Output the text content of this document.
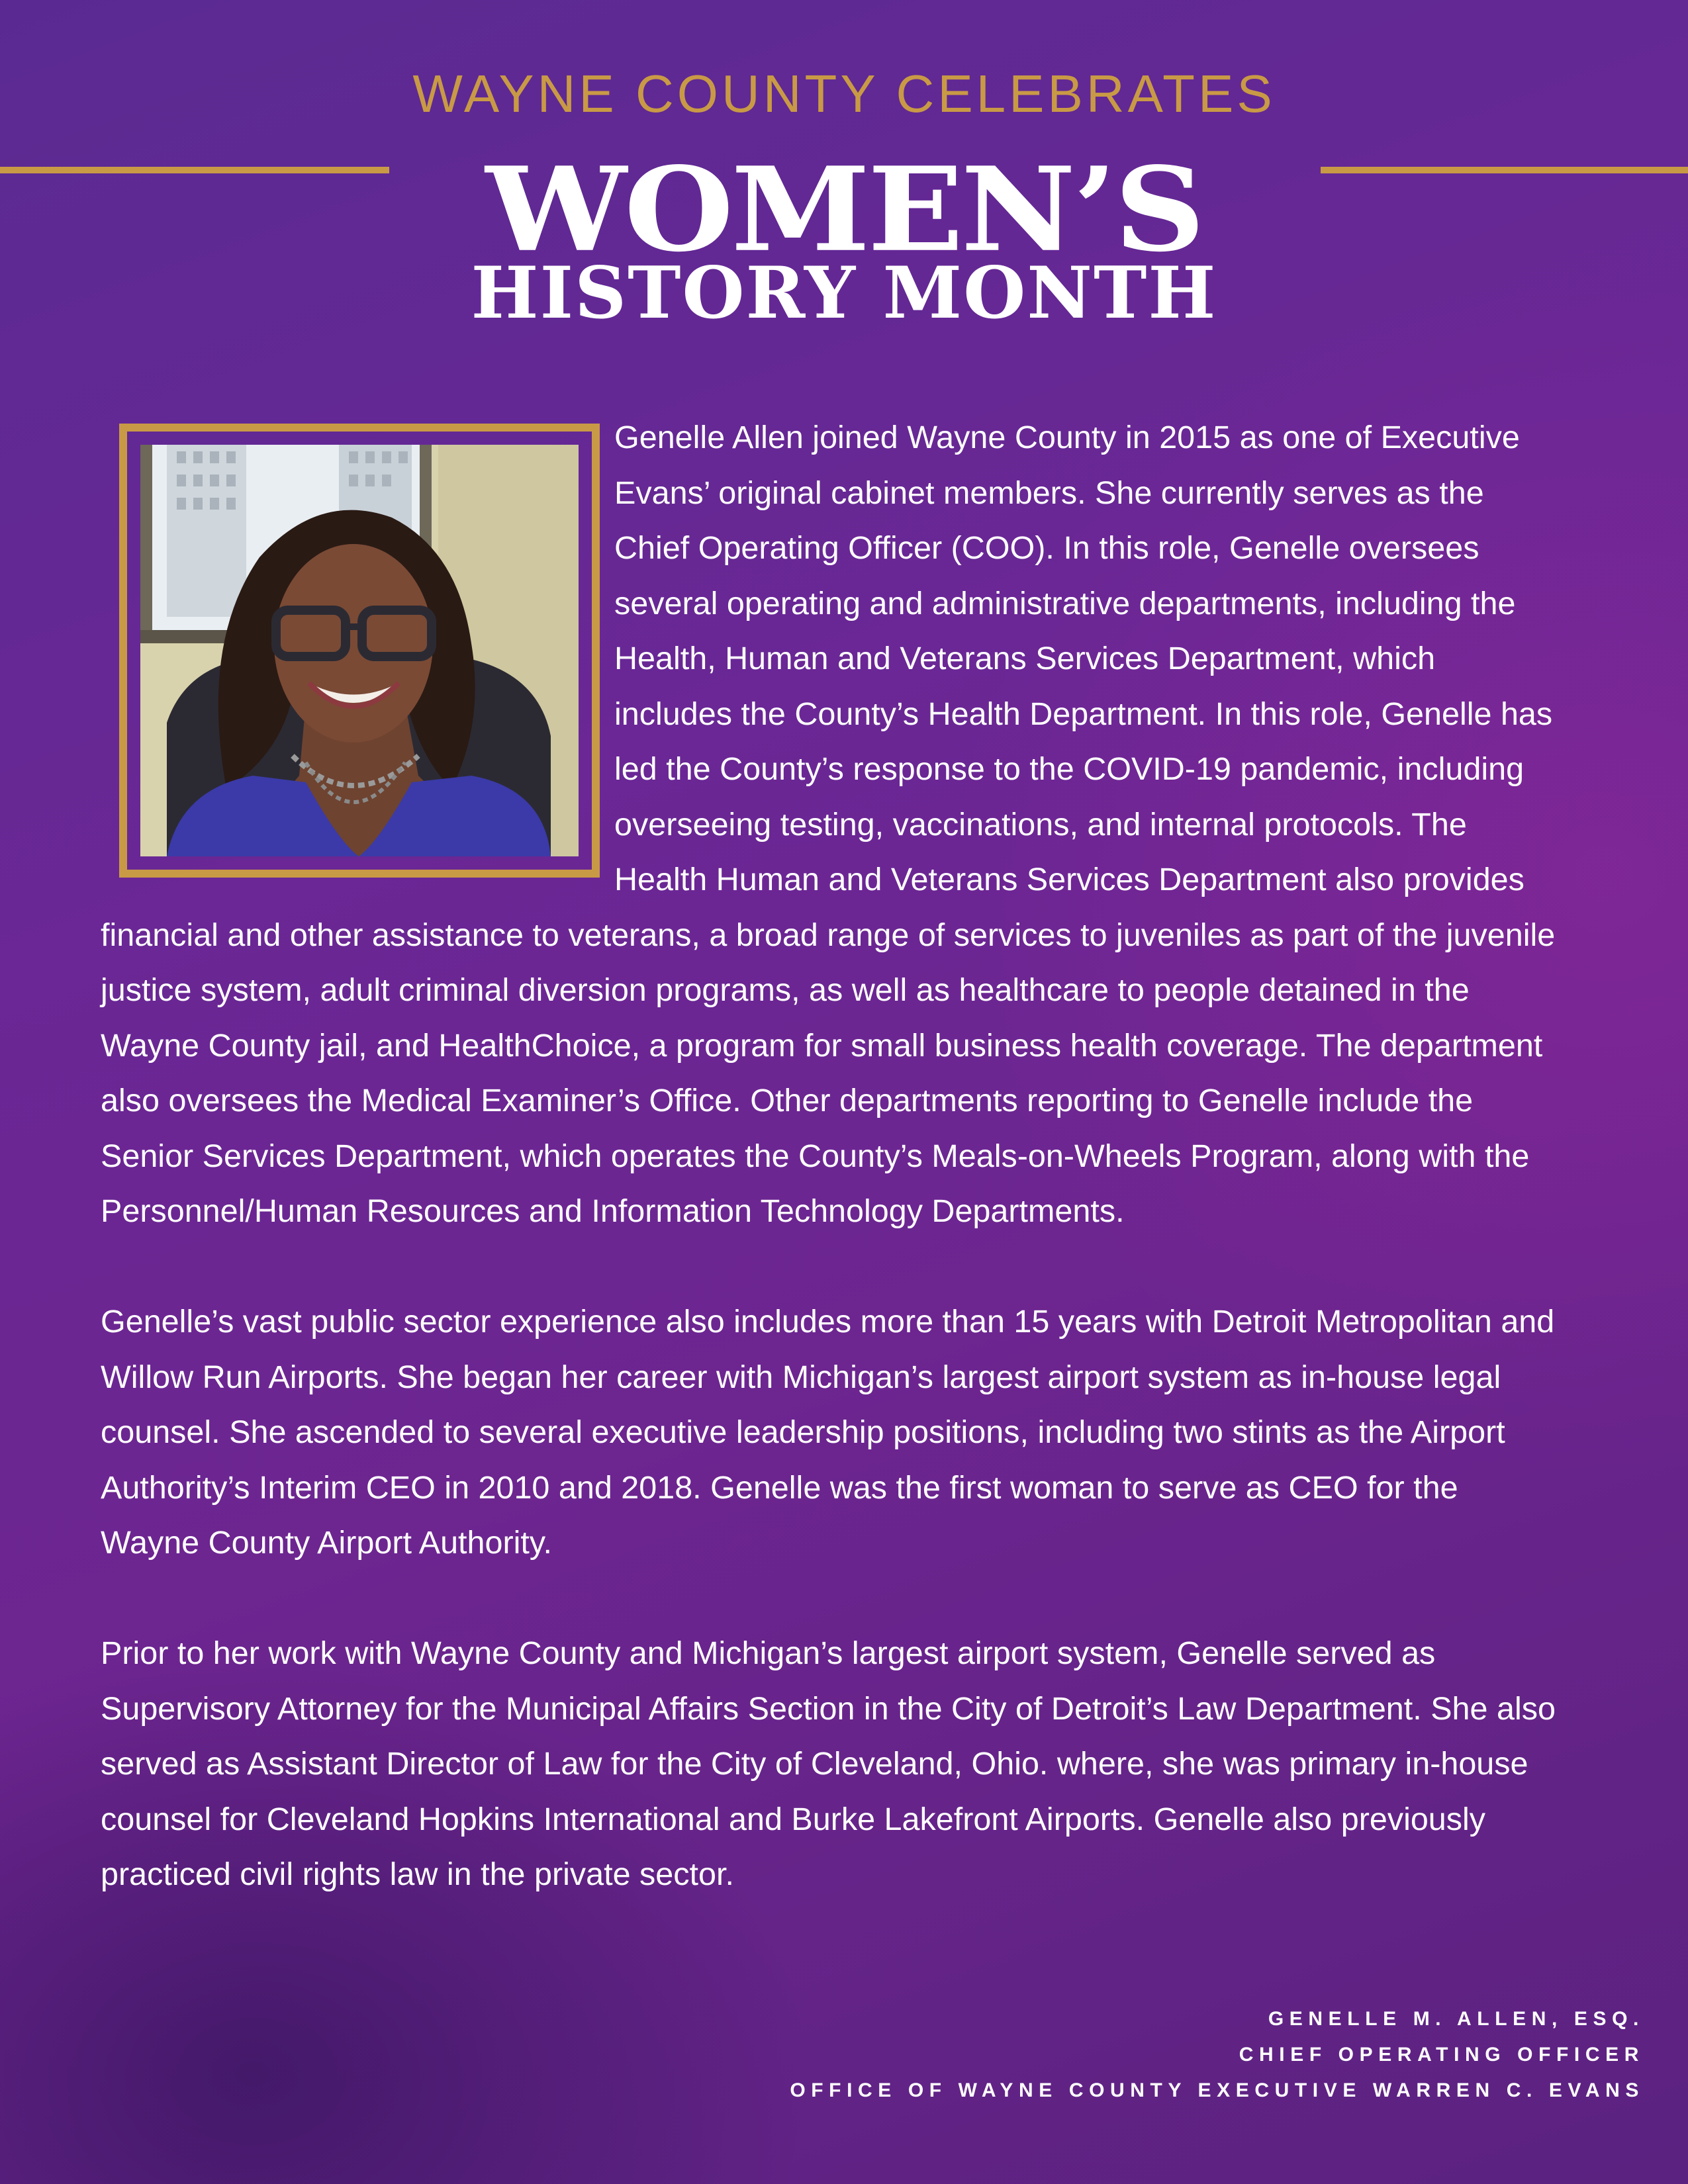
WAYNE COUNTY CELEBRATES
WOMEN’S
HISTORY MONTH

Genelle Allen joined Wayne County in 2015 as one of Executive Evans’ original cabinet members. She currently serves as the Chief Operating Officer (COO). In this role, Genelle oversees several operating and administrative departments, including the Health, Human and Veterans Services Department, which includes the County’s Health Department. In this role, Genelle has led the County’s response to the COVID-19 pandemic, including overseeing testing, vaccinations, and internal protocols. The Health Human and Veterans Services Department also provides financial and other assistance to veterans, a broad range of services to juveniles as part of the juvenile justice system, adult criminal diversion programs, as well as healthcare to people detained in the Wayne County jail, and HealthChoice, a program for small business health coverage. The department also oversees the Medical Examiner’s Office. Other departments reporting to Genelle include the Senior Services Department, which operates the County’s Meals-on-Wheels Program, along with the Personnel/Human Resources and Information Technology Departments.

Genelle’s vast public sector experience also includes more than 15 years with Detroit Metropolitan and Willow Run Airports. She began her career with Michigan’s largest airport system as in-house legal counsel. She ascended to several executive leadership positions, including two stints as the Airport Authority’s Interim CEO in 2010 and 2018. Genelle was the first woman to serve as CEO for the Wayne County Airport Authority.

Prior to her work with Wayne County and Michigan’s largest airport system, Genelle served as Supervisory Attorney for the Municipal Affairs Section in the City of Detroit’s Law Department. She also served as Assistant Director of Law for the City of Cleveland, Ohio. where, she was primary in-house counsel for Cleveland Hopkins International and Burke Lakefront Airports. Genelle also previously practiced civil rights law in the private sector.

GENELLE M. ALLEN, ESQ.
CHIEF OPERATING OFFICER
OFFICE OF WAYNE COUNTY EXECUTIVE WARREN C. EVANS
